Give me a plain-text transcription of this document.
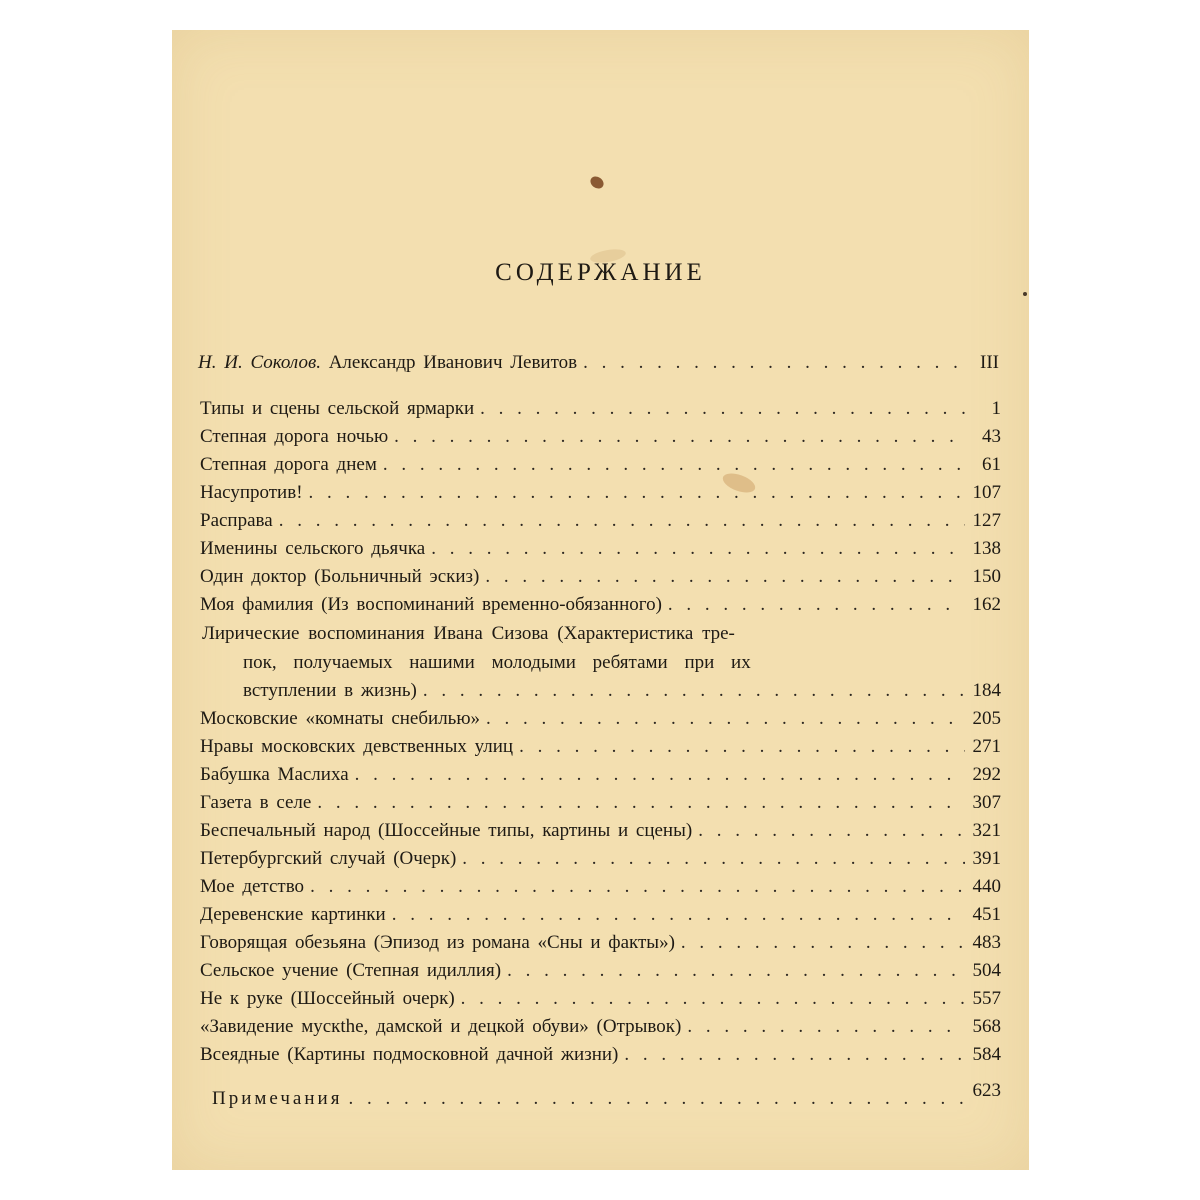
СОДЕРЖАНИЕ
Н. И. Соколов. Александр Иванович Левитов . . .	III
Типы и сцены сельской ярмарки . . .	1
Степная дорога ночью . . .	43
Степная дорога днем . . .	61
Насупротив! . . .	107
Расправа . . .	127
Именины сельского дьячка . . .	138
Один доктор (Больничный эскиз) . . .	150
Моя фамилия (Из воспоминаний временно-обязанного) . . .	162
Лирические воспоминания Ивана Сизова (Характеристика тре-
пок, получаемых нашими молодыми ребятами при их
вступлении в жизнь) . . .	184
Московские «комнаты снебилью» . . .	205
Нравы московских девственных улиц . . .	271
Бабушка Маслиха . . .	292
Газета в селе . . .	307
Беспечальный народ (Шоссейные типы, картины и сцены) . . .	321
Петербургский случай (Очерк) . . .	391
Мое детство . . .	440
Деревенские картинки . . .	451
Говорящая обезьяна (Эпизод из романа «Сны и факты») . . .	483
Сельское учение (Степная идиллия) . . .	504
Не к руке (Шоссейный очерк) . . .	557
«Завидение мускthe, дамской и децкой обуви» (Отрывок) . . .	568
Всеядные (Картины подмосковной дачной жизни) . . .	584
Примечания . . .	623
